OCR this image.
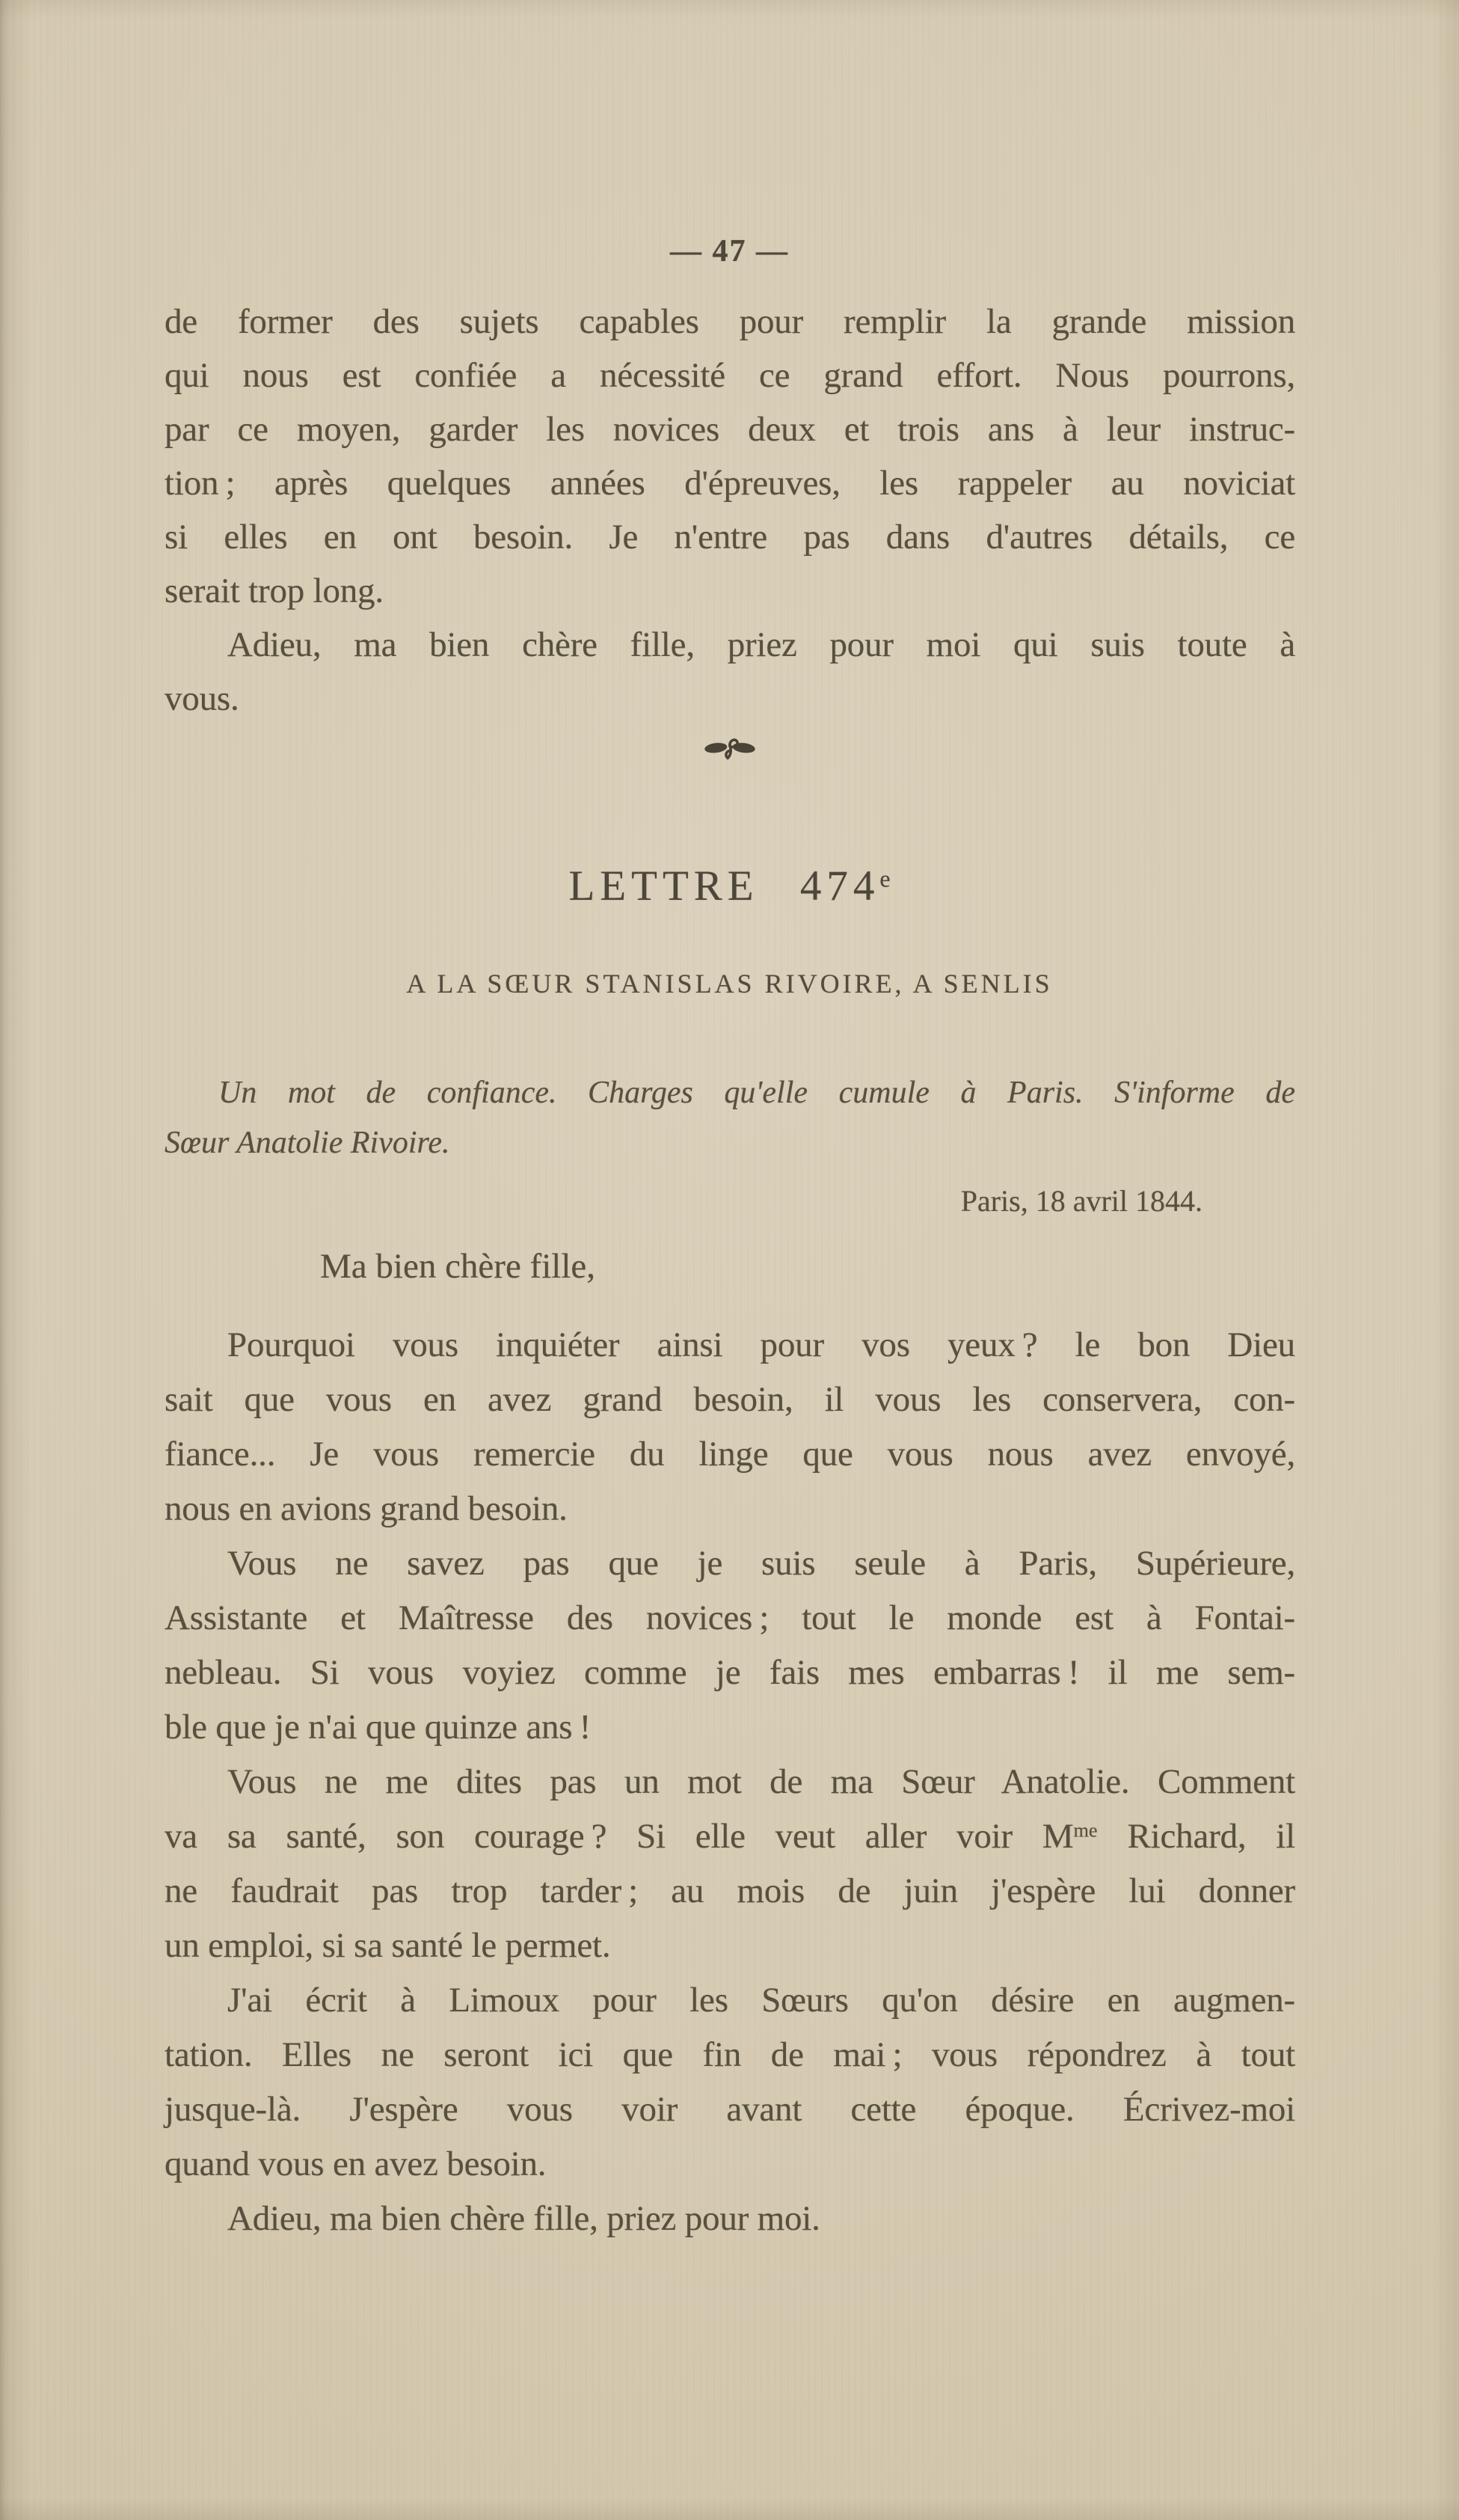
— 47 —
de former des sujets capables pour remplir la grande mission
qui nous est confiée a nécessité ce grand effort. Nous pourrons,
par ce moyen, garder les novices deux et trois ans à leur instruc-
tion ; après quelques années d'épreuves, les rappeler au noviciat
si elles en ont besoin. Je n'entre pas dans d'autres détails, ce
serait trop long.
Adieu, ma bien chère fille, priez pour moi qui suis toute à
vous.
LETTRE 474e
A LA SŒUR STANISLAS RIVOIRE, A SENLIS
Un mot de confiance. Charges qu'elle cumule à Paris. S'informe de
Sœur Anatolie Rivoire.
Paris, 18 avril 1844.
Ma bien chère fille,
Pourquoi vous inquiéter ainsi pour vos yeux ? le bon Dieu
sait que vous en avez grand besoin, il vous les conservera, con-
fiance... Je vous remercie du linge que vous nous avez envoyé,
nous en avions grand besoin.
Vous ne savez pas que je suis seule à Paris, Supérieure,
Assistante et Maîtresse des novices ; tout le monde est à Fontai-
nebleau. Si vous voyiez comme je fais mes embarras ! il me sem-
ble que je n'ai que quinze ans !
Vous ne me dites pas un mot de ma Sœur Anatolie. Comment
va sa santé, son courage ? Si elle veut aller voir $M^{me}$ Richard, il
ne faudrait pas trop tarder ; au mois de juin j'espère lui donner
un emploi, si sa santé le permet.
J'ai écrit à Limoux pour les Sœurs qu'on désire en augmen-
tation. Elles ne seront ici que fin de mai ; vous répondrez à tout
jusque-là. J'espère vous voir avant cette époque. Écrivez-moi
quand vous en avez besoin.
Adieu, ma bien chère fille, priez pour moi.
